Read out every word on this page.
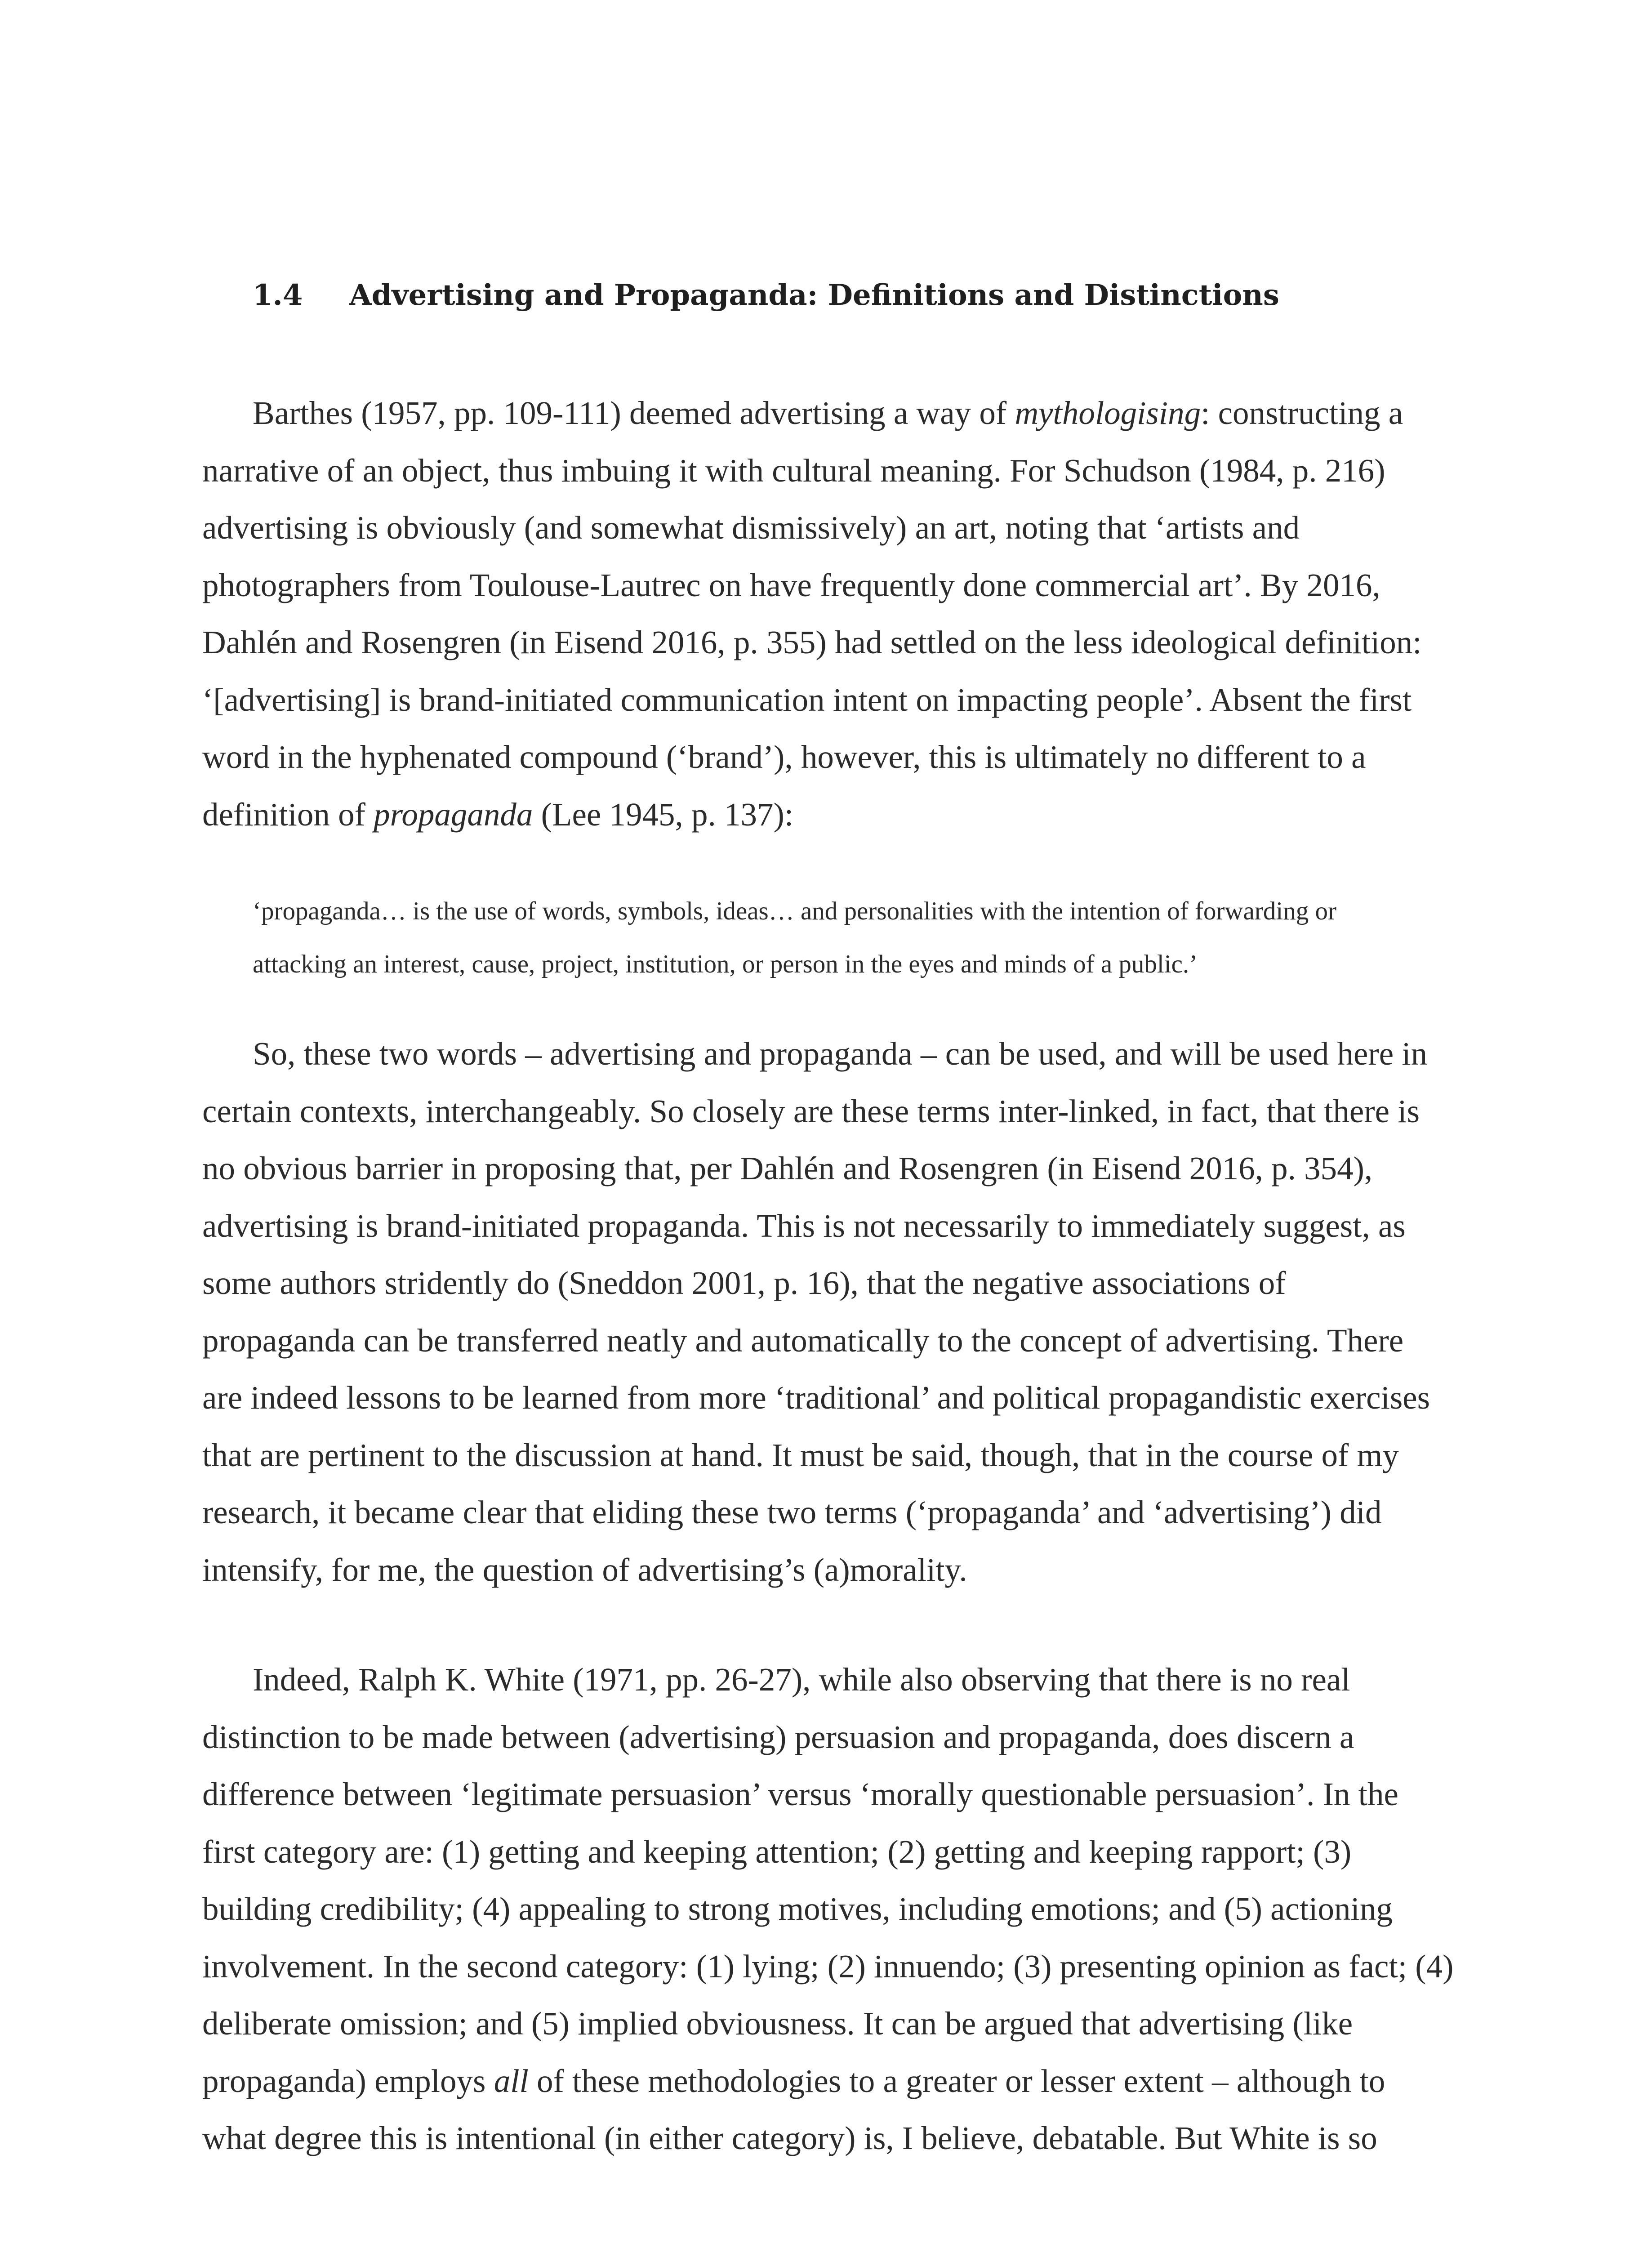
1.4 Advertising and Propaganda: Definitions and Distinctions
Barthes (1957, pp. 109-111) deemed advertising a way of mythologising: constructing a
narrative of an object, thus imbuing it with cultural meaning. For Schudson (1984, p. 216)
advertising is obviously (and somewhat dismissively) an art, noting that ‘artists and
photographers from Toulouse-Lautrec on have frequently done commercial art’. By 2016,
Dahlén and Rosengren (in Eisend 2016, p. 355) had settled on the less ideological definition:
‘[advertising] is brand-initiated communication intent on impacting people’. Absent the first
word in the hyphenated compound (‘brand’), however, this is ultimately no different to a
definition of propaganda (Lee 1945, p. 137):
‘propaganda… is the use of words, symbols, ideas… and personalities with the intention of forwarding or
attacking an interest, cause, project, institution, or person in the eyes and minds of a public.’
So, these two words – advertising and propaganda – can be used, and will be used here in
certain contexts, interchangeably. So closely are these terms inter-linked, in fact, that there is
no obvious barrier in proposing that, per Dahlén and Rosengren (in Eisend 2016, p. 354),
advertising is brand-initiated propaganda. This is not necessarily to immediately suggest, as
some authors stridently do (Sneddon 2001, p. 16), that the negative associations of
propaganda can be transferred neatly and automatically to the concept of advertising. There
are indeed lessons to be learned from more ‘traditional’ and political propagandistic exercises
that are pertinent to the discussion at hand. It must be said, though, that in the course of my
research, it became clear that eliding these two terms (‘propaganda’ and ‘advertising’) did
intensify, for me, the question of advertising’s (a)morality.
Indeed, Ralph K. White (1971, pp. 26-27), while also observing that there is no real
distinction to be made between (advertising) persuasion and propaganda, does discern a
difference between ‘legitimate persuasion’ versus ‘morally questionable persuasion’. In the
first category are: (1) getting and keeping attention; (2) getting and keeping rapport; (3)
building credibility; (4) appealing to strong motives, including emotions; and (5) actioning
involvement. In the second category: (1) lying; (2) innuendo; (3) presenting opinion as fact; (4)
deliberate omission; and (5) implied obviousness. It can be argued that advertising (like
propaganda) employs all of these methodologies to a greater or lesser extent – although to
what degree this is intentional (in either category) is, I believe, debatable. But White is so
